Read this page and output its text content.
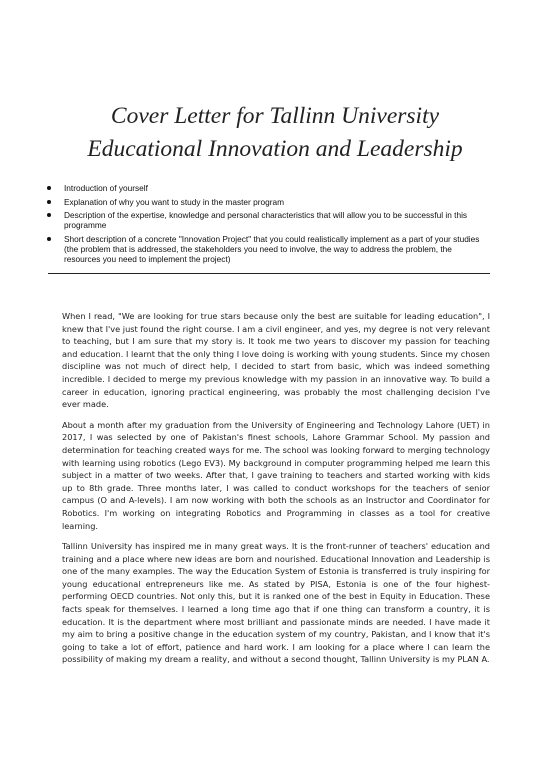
Cover Letter for Tallinn University
Educational Innovation and Leadership
Introduction of yourself
Explanation of why you want to study in the master program
Description of the expertise, knowledge and personal characteristics that will allow you to be successful in this programme
Short description of a concrete "Innovation Project" that you could realistically implement as a part of your studies (the problem that is addressed, the stakeholders you need to involve, the way to address the problem, the resources you need to implement the project)

When I read, "We are looking for true stars because only the best are suitable for leading education", I knew that I've just found the right course. I am a civil engineer, and yes, my degree is not very relevant to teaching, but I am sure that my story is. It took me two years to discover my passion for teaching and education. I learnt that the only thing I love doing is working with young students. Since my chosen discipline was not much of direct help, I decided to start from basic, which was indeed something incredible. I decided to merge my previous knowledge with my passion in an innovative way. To build a career in education, ignoring practical engineering, was probably the most challenging decision I've ever made.

About a month after my graduation from the University of Engineering and Technology Lahore (UET) in 2017, I was selected by one of Pakistan's finest schools, Lahore Grammar School. My passion and determination for teaching created ways for me. The school was looking forward to merging technology with learning using robotics (Lego EV3). My background in computer programming helped me learn this subject in a matter of two weeks. After that, I gave training to teachers and started working with kids up to 8th grade. Three months later, I was called to conduct workshops for the teachers of senior campus (O and A-levels). I am now working with both the schools as an Instructor and Coordinator for Robotics. I'm working on integrating Robotics and Programming in classes as a tool for creative learning.

Tallinn University has inspired me in many great ways. It is the front-runner of teachers' education and training and a place where new ideas are born and nourished. Educational Innovation and Leadership is one of the many examples. The way the Education System of Estonia is transferred is truly inspiring for young educational entrepreneurs like me. As stated by PISA, Estonia is one of the four highest-performing OECD countries. Not only this, but it is ranked one of the best in Equity in Education. These facts speak for themselves. I learned a long time ago that if one thing can transform a country, it is education. It is the department where most brilliant and passionate minds are needed. I have made it my aim to bring a positive change in the education system of my country, Pakistan, and I know that it's going to take a lot of effort, patience and hard work. I am looking for a place where I can learn the possibility of making my dream a reality, and without a second thought, Tallinn University is my PLAN A.
